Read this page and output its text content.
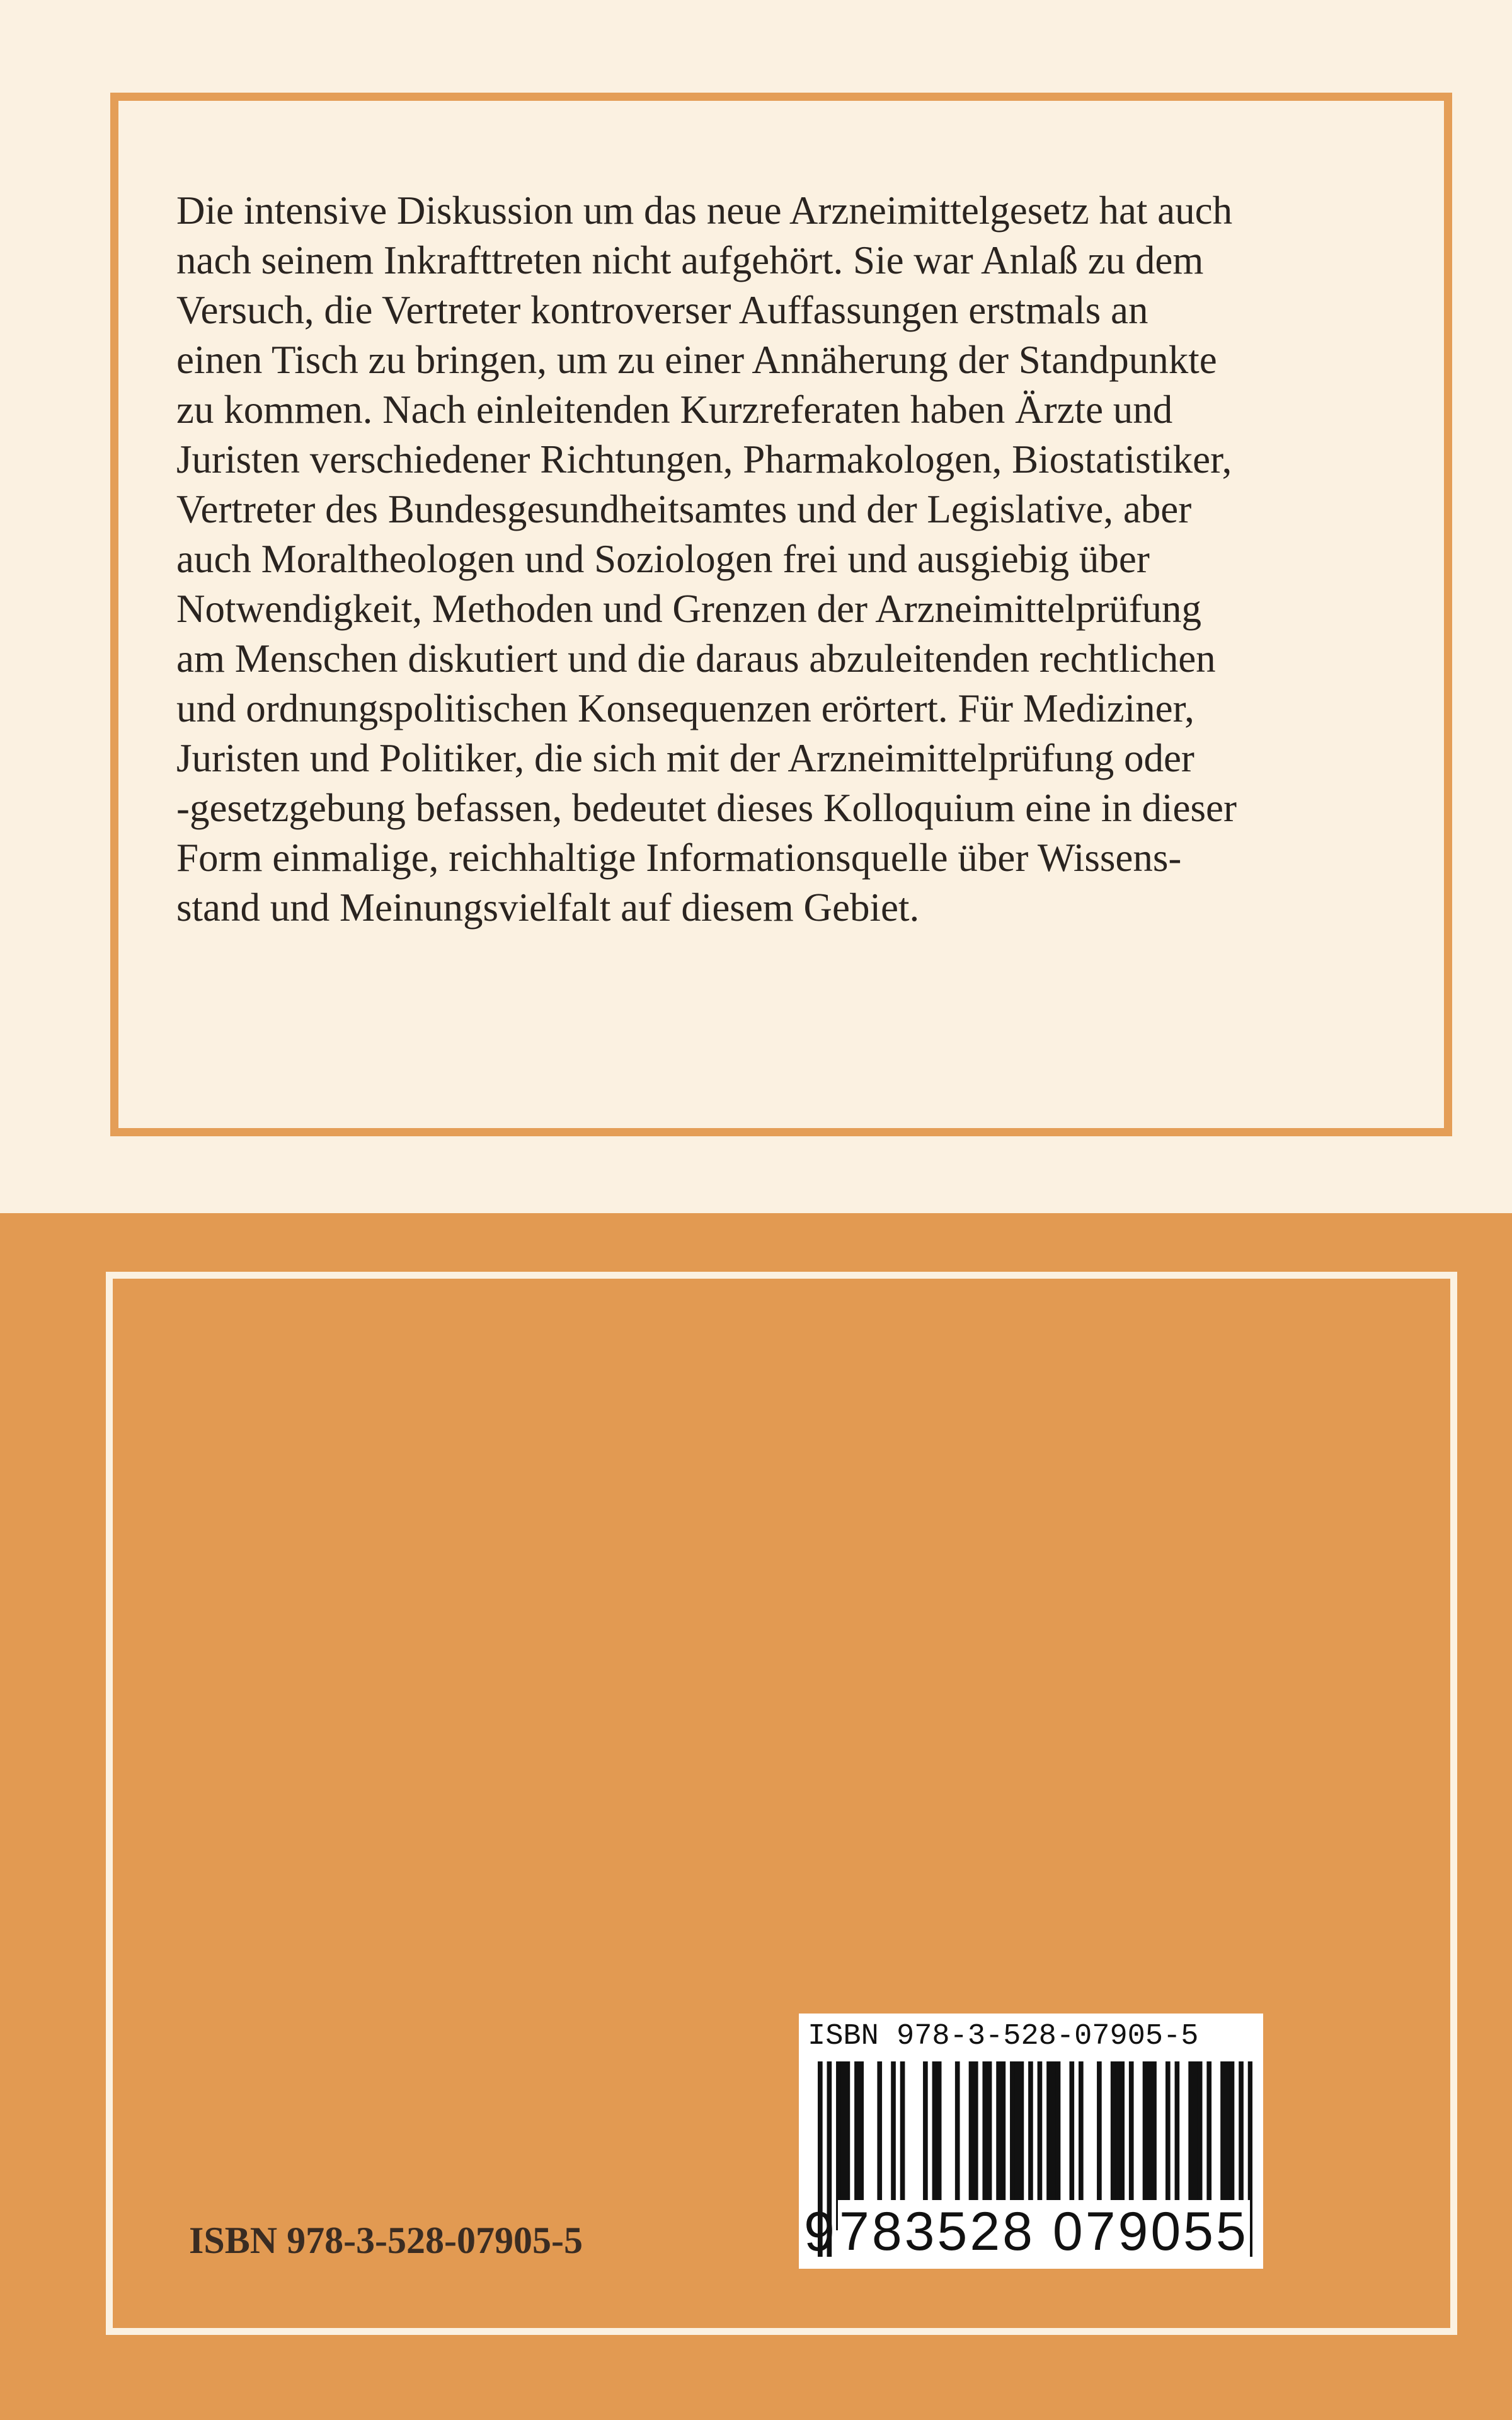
Die intensive Diskussion um das neue Arzneimittelgesetz hat auch
nach seinem Inkrafttreten nicht aufgehört. Sie war Anlaß zu dem
Versuch, die Vertreter kontroverser Auffassungen erstmals an
einen Tisch zu bringen, um zu einer Annäherung der Standpunkte
zu kommen. Nach einleitenden Kurzreferaten haben Ärzte und
Juristen verschiedener Richtungen, Pharmakologen, Biostatistiker,
Vertreter des Bundesgesundheitsamtes und der Legislative, aber
auch Moraltheologen und Soziologen frei und ausgiebig über
Notwendigkeit, Methoden und Grenzen der Arzneimittelprüfung
am Menschen diskutiert und die daraus abzuleitenden rechtlichen
und ordnungspolitischen Konsequenzen erörtert. Für Mediziner,
Juristen und Politiker, die sich mit der Arzneimittelprüfung oder
-gesetzgebung befassen, bedeutet dieses Kolloquium eine in dieser
Form einmalige, reichhaltige Informationsquelle über Wissens-
stand und Meinungsvielfalt auf diesem Gebiet.

ISBN 978-3-528-07905-5
ISBN 978-3-528-07905-5
9 783528 079055
